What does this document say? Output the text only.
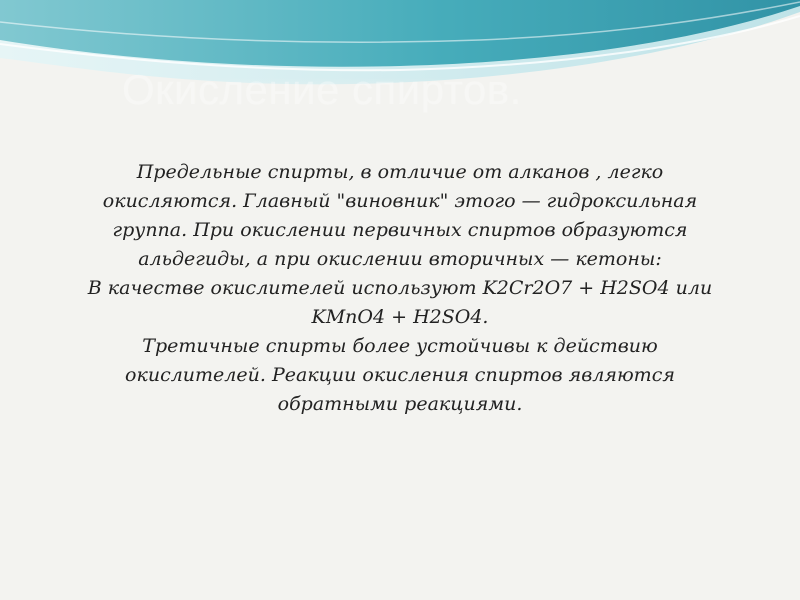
Окисление спиртов.

Предельные спирты, в отличие от алканов , легко
окисляются. Главный "виновник" этого — гидроксильная
группа. При окислении первичных спиртов образуются
альдегиды, а при окислении вторичных — кетоны:
В качестве окислителей используют K2Cr2O7 + H2SO4 или
KMnO4 + H2SO4.
Третичные спирты более устойчивы к действию
окислителей. Реакции окисления спиртов являются
обратными реакциями.
